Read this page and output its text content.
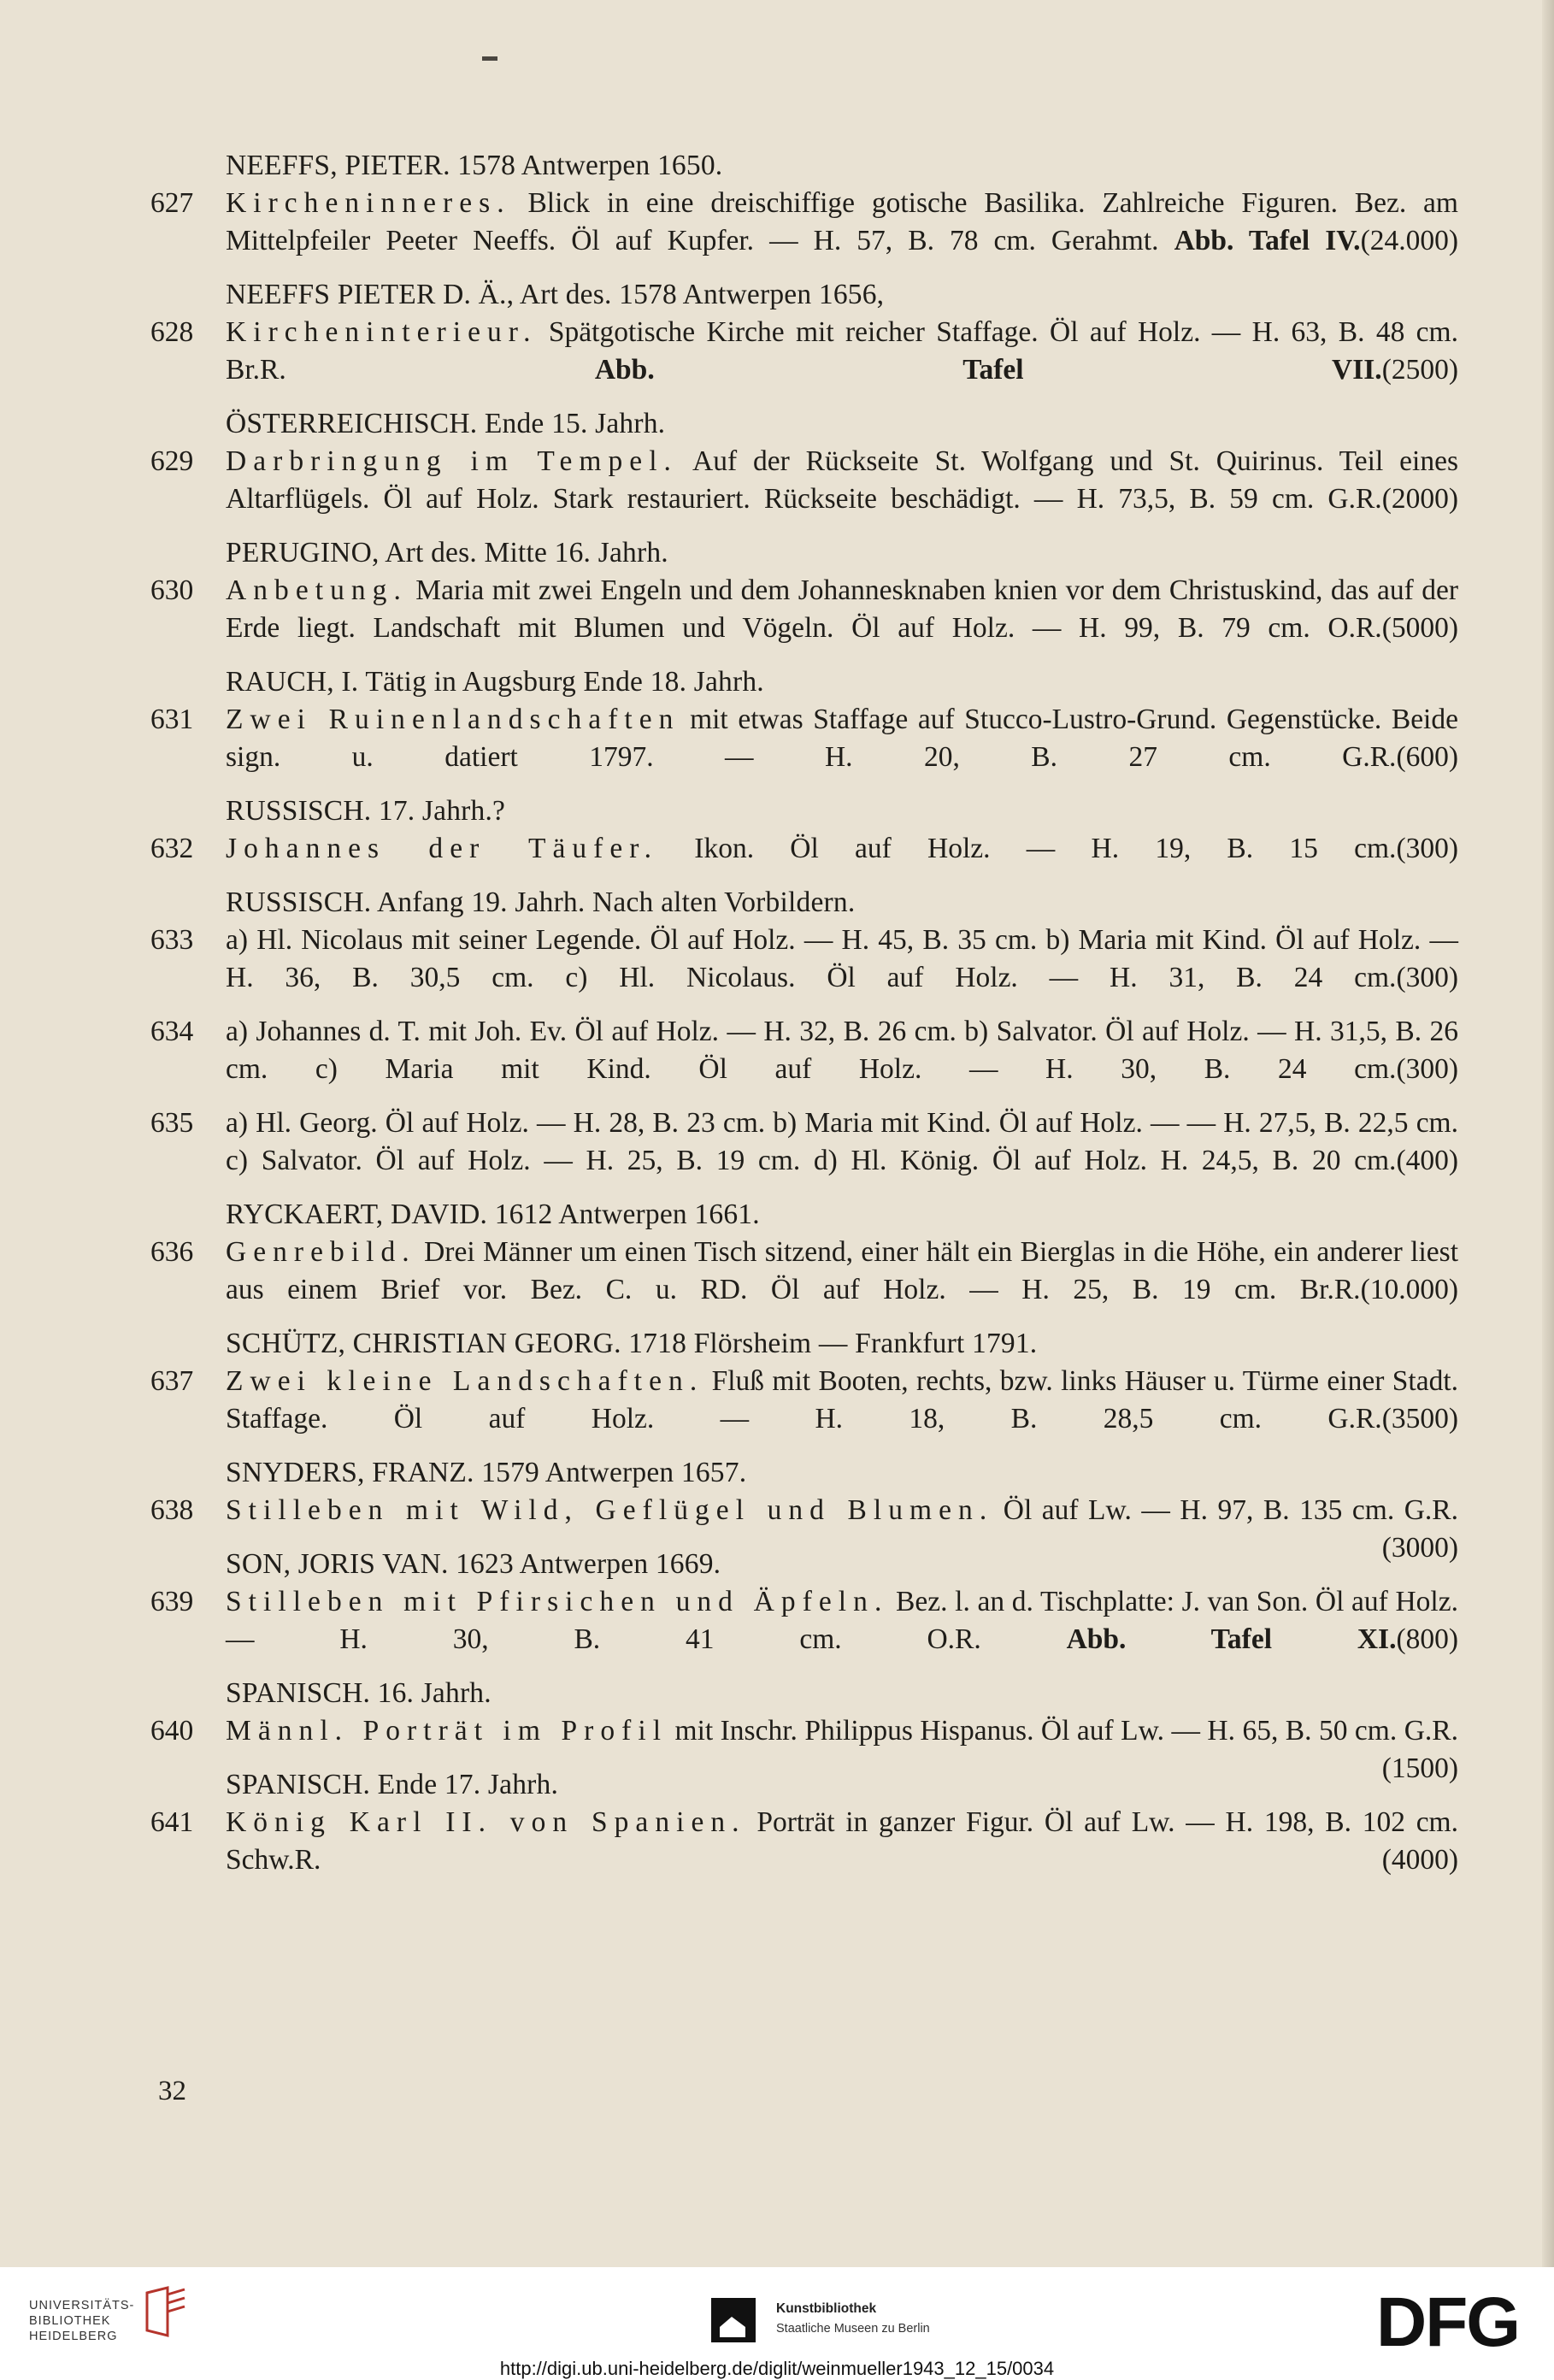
NEEFFS, PIETER. 1578 Antwerpen 1650.
627 Kircheninneres. Blick in eine dreischiffige gotische Basilika. Zahlreiche Figuren. Bez. am Mittelpfeiler Peeter Neeffs. Öl auf Kupfer. — H. 57, B. 78 cm. Gerahmt. Abb. Tafel IV. (24.000)
NEEFFS PIETER D. Ä., Art des. 1578 Antwerpen 1656,
628 Kircheninterieur. Spätgotische Kirche mit reicher Staffage. Öl auf Holz. — H. 63, B. 48 cm. Br.R. Abb. Tafel VII. (2500)
ÖSTERREICHISCH. Ende 15. Jahrh.
629 Darbringung im Tempel. Auf der Rückseite St. Wolfgang und St. Quirinus. Teil eines Altarflügels. Öl auf Holz. Stark restauriert. Rückseite beschädigt. — H. 73,5, B. 59 cm. G.R. (2000)
PERUGINO, Art des. Mitte 16. Jahrh.
630 Anbetung. Maria mit zwei Engeln und dem Johannesknaben knien vor dem Christuskind, das auf der Erde liegt. Landschaft mit Blumen und Vögeln. Öl auf Holz. — H. 99, B. 79 cm. O.R. (5000)
RAUCH, I. Tätig in Augsburg Ende 18. Jahrh.
631 Zwei Ruinenlandschaften mit etwas Staffage auf Stucco-Lustro-Grund. Gegenstücke. Beide sign. u. datiert 1797. — H. 20, B. 27 cm. G.R. (600)
RUSSISCH. 17. Jahrh.?
632 Johannes der Täufer. Ikon. Öl auf Holz. — H. 19, B. 15 cm. (300)
RUSSISCH. Anfang 19. Jahrh. Nach alten Vorbildern.
633 a) Hl. Nicolaus mit seiner Legende. Öl auf Holz. — H. 45, B. 35 cm. b) Maria mit Kind. Öl auf Holz. — H. 36, B. 30,5 cm. c) Hl. Nicolaus. Öl auf Holz. — H. 31, B. 24 cm. (300)
634 a) Johannes d. T. mit Joh. Ev. Öl auf Holz. — H. 32, B. 26 cm. b) Salvator. Öl auf Holz. — H. 31,5, B. 26 cm. c) Maria mit Kind. Öl auf Holz. — H. 30, B. 24 cm. (300)
635 a) Hl. Georg. Öl auf Holz. — H. 28, B. 23 cm. b) Maria mit Kind. Öl auf Holz. — — H. 27,5, B. 22,5 cm. c) Salvator. Öl auf Holz. — H. 25, B. 19 cm. d) Hl. König. Öl auf Holz. H. 24,5, B. 20 cm. (400)
RYCKAERT, DAVID. 1612 Antwerpen 1661.
636 Genrebild. Drei Männer um einen Tisch sitzend, einer hält ein Bierglas in die Höhe, ein anderer liest aus einem Brief vor. Bez. C. u. RD. Öl auf Holz. — H. 25, B. 19 cm. Br.R. (10.000)
SCHÜTZ, CHRISTIAN GEORG. 1718 Flörsheim — Frankfurt 1791.
637 Zwei kleine Landschaften. Fluß mit Booten, rechts, bzw. links Häuser u. Türme einer Stadt. Staffage. Öl auf Holz. — H. 18, B. 28,5 cm. G.R. (3500)
SNYDERS, FRANZ. 1579 Antwerpen 1657.
638 Stilleben mit Wild, Geflügel und Blumen. Öl auf Lw. — H. 97, B. 135 cm. G.R.
(3000)
SON, JORIS VAN. 1623 Antwerpen 1669.
639 Stilleben mit Pfirsichen und Äpfeln. Bez. l. an d. Tischplatte: J. van Son. Öl auf Holz. — H. 30, B. 41 cm. O.R. Abb. Tafel XI. (800)
SPANISCH. 16. Jahrh.
640 Männl. Porträt im Profil mit Inschr. Philippus Hispanus. Öl auf Lw. — H. 65, B. 50 cm. G.R.
(1500)
SPANISCH. Ende 17. Jahrh.
641 König Karl II. von Spanien. Porträt in ganzer Figur. Öl auf Lw. — H. 198, B. 102 cm. Schw.R.	(4000)
32
UNIVERSITÄTS-
BIBLIOTHEK
HEIDELBERG
Kunstbibliothek
Staatliche Museen zu Berlin	DFG
http://digi.ub.uni-heidelberg.de/diglit/weinmueller1943_12_15/0034
